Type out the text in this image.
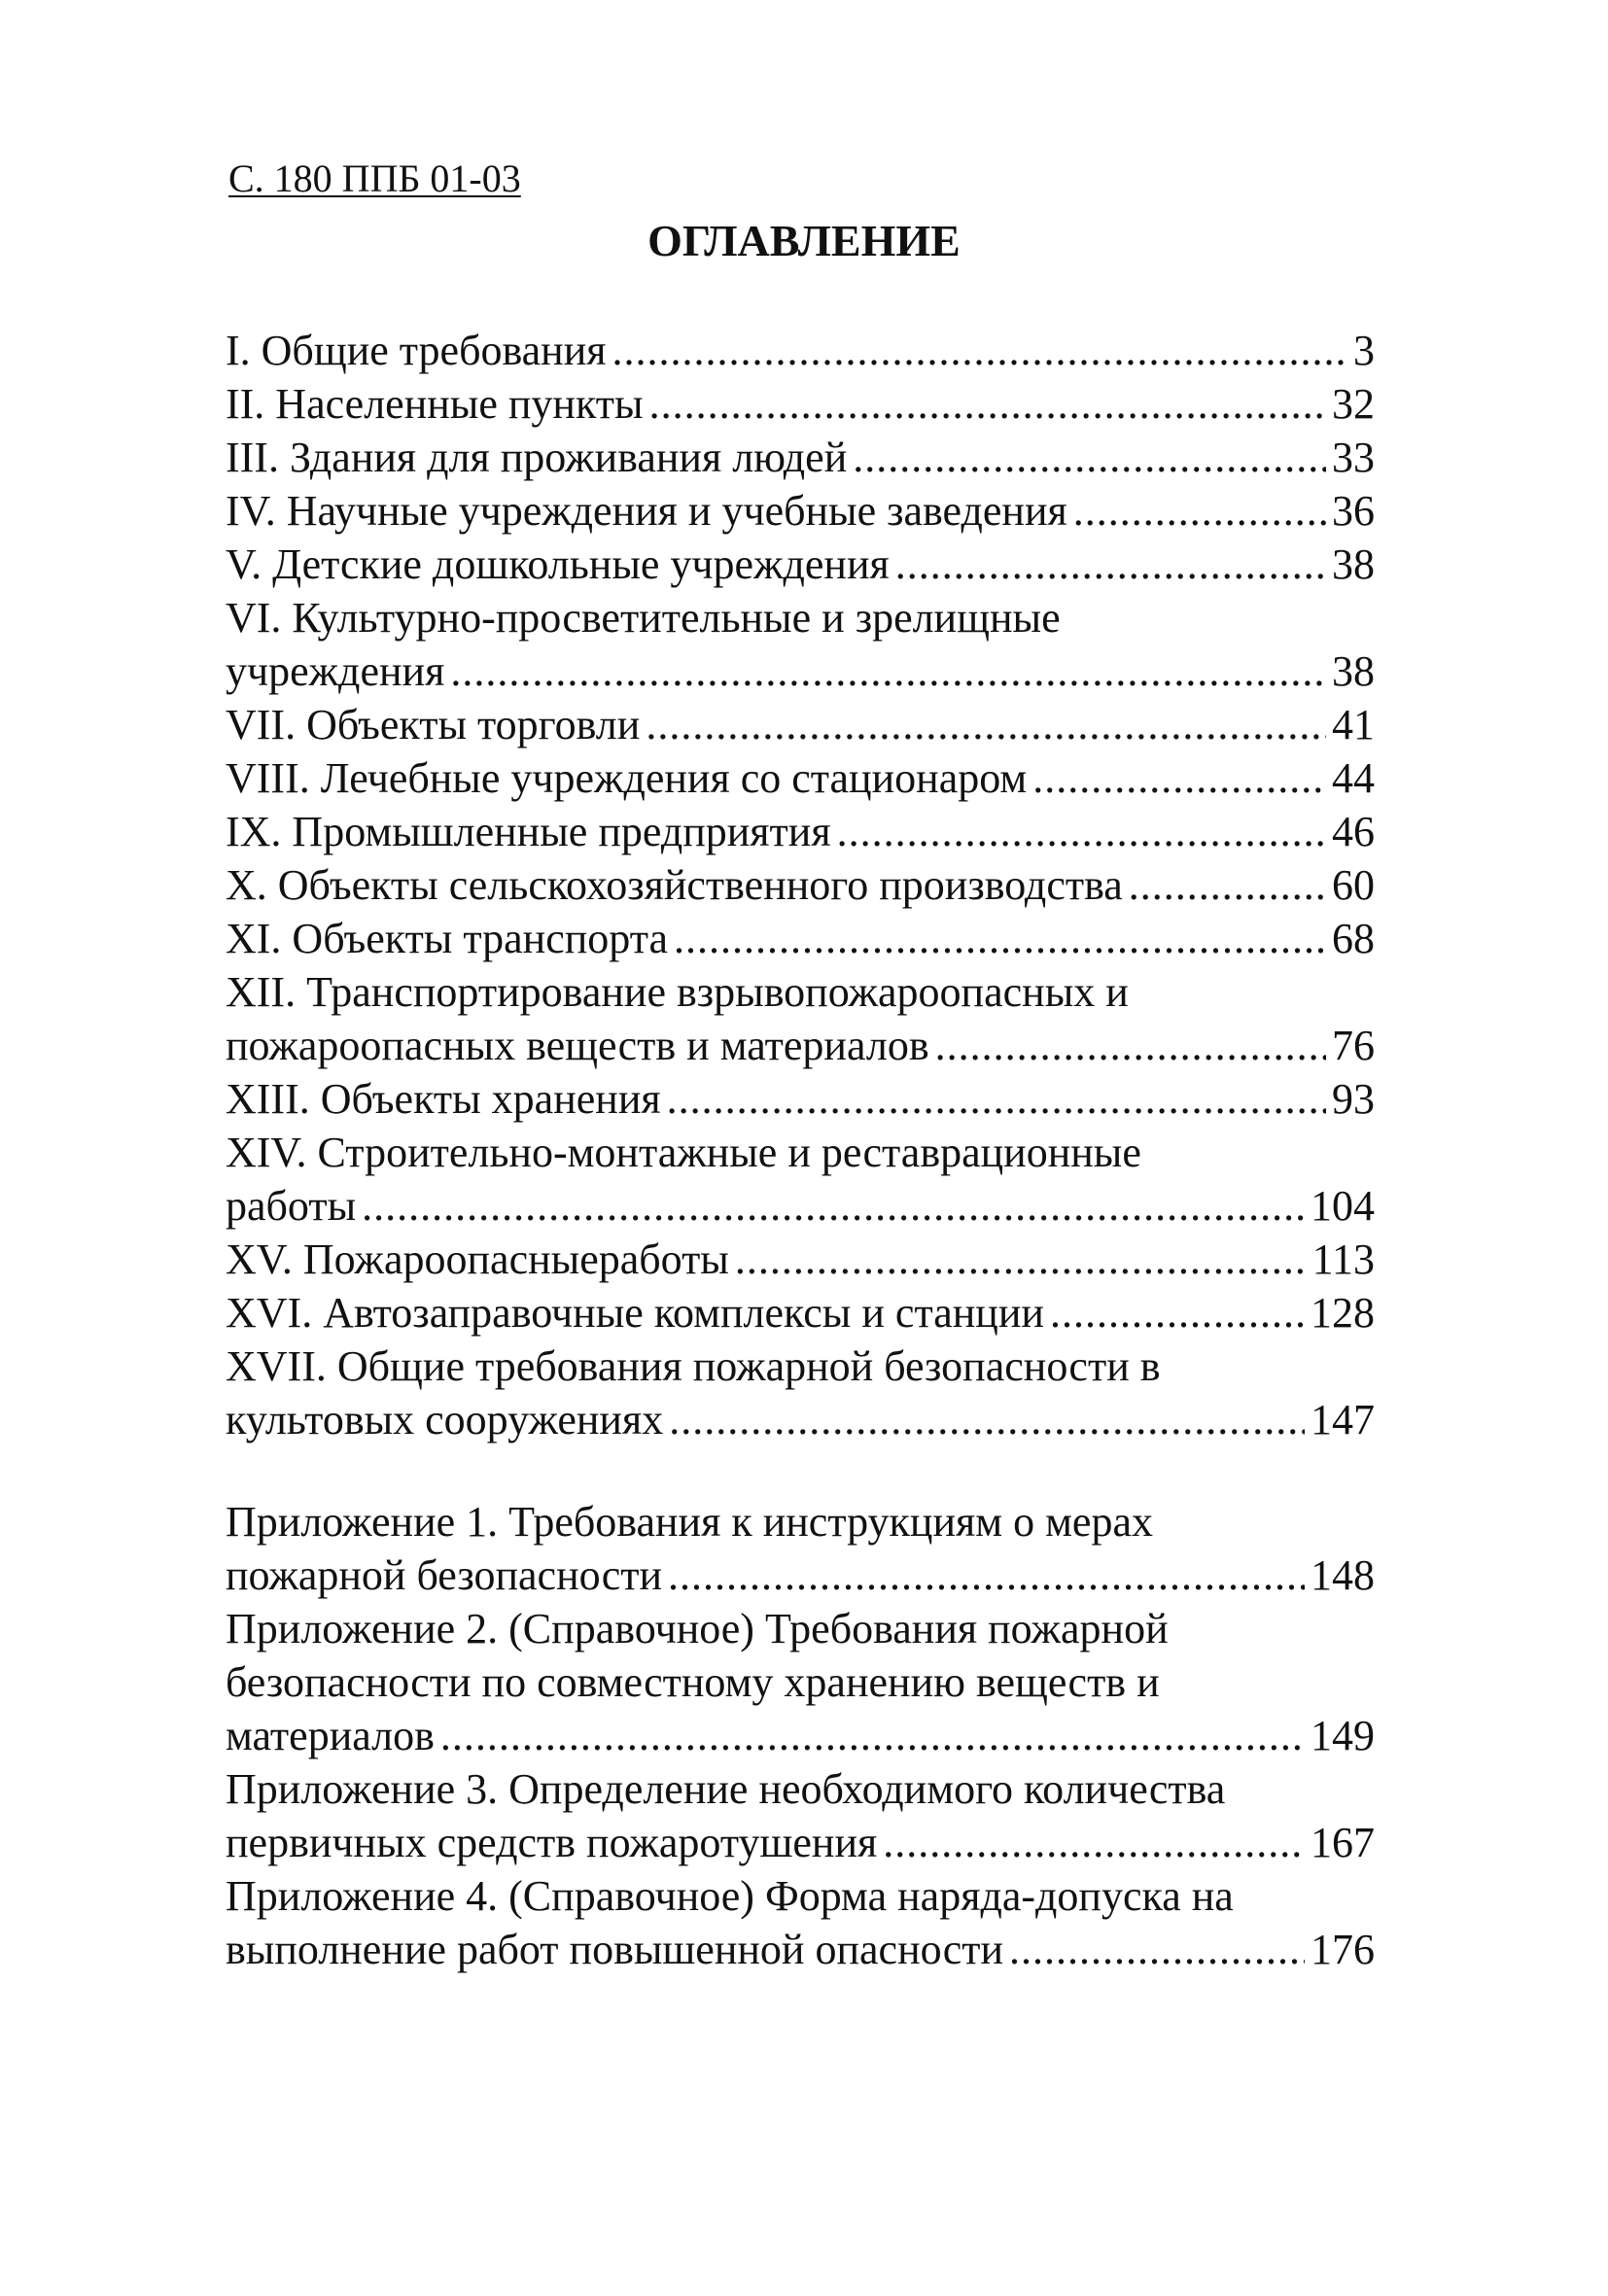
С. 180 ППБ 01-03

ОГЛАВЛЕНИЕ
I. Общие требования .....	3
II. Населенные пункты .....	32
III. Здания для проживания людей .....	33
IV. Научные учреждения и учебные заведения .....	36
V. Детские дошкольные учреждения .....	38
VI. Культурно-просветительные и зрелищные
учреждения .....	38
VII. Объекты торговли .....	41
VIII. Лечебные учреждения со стационаром .....	44
IX. Промышленные предприятия .....	46
X. Объекты сельскохозяйственного производства .....	60
XI. Объекты транспорта .....	68
XII. Транспортирование взрывопожароопасных и
пожароопасных веществ и материалов .....	76
XIII. Объекты хранения .....	93
XIV. Строительно-монтажные и реставрационные
работы .....	104
XV. Пожароопасныеработы .....	113
XVI. Автозаправочные комплексы и станции .....	128
XVII. Общие требования пожарной безопасности в
культовых сооружениях .....	147
Приложение 1. Требования к инструкциям о мерах
пожарной безопасности .....	148
Приложение 2. (Справочное) Требования пожарной
безопасности по совместному хранению веществ и
материалов .....	149
Приложение 3. Определение необходимого количества
первичных средств пожаротушения .....	167
Приложение 4. (Справочное) Форма наряда-допуска на
выполнение работ повышенной опасности .....	176
